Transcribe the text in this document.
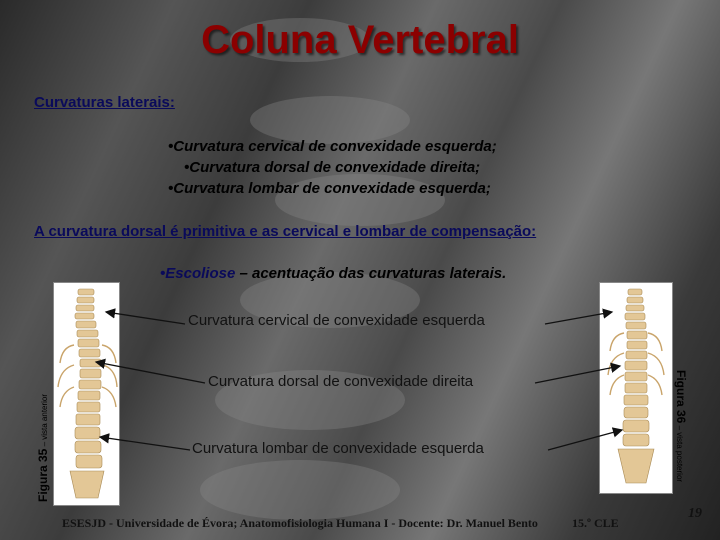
Coluna Vertebral
Curvaturas laterais:
•Curvatura cervical de convexidade esquerda;
•Curvatura dorsal de convexidade direita;
•Curvatura lombar de convexidade esquerda;
A curvatura dorsal é primitiva e as cervical e lombar de compensação:
•Escoliose – acentuação das curvaturas laterais.
Figura 35 – vista anterior	Figura 36 – vista posterior
Curvatura cervical de convexidade esquerda
Curvatura dorsal de convexidade direita
Curvatura lombar de convexidade esquerda
ESESJD - Universidade de Évora; Anatomofisiologia Humana I - Docente: Dr. Manuel Bento	15.º CLE
19
